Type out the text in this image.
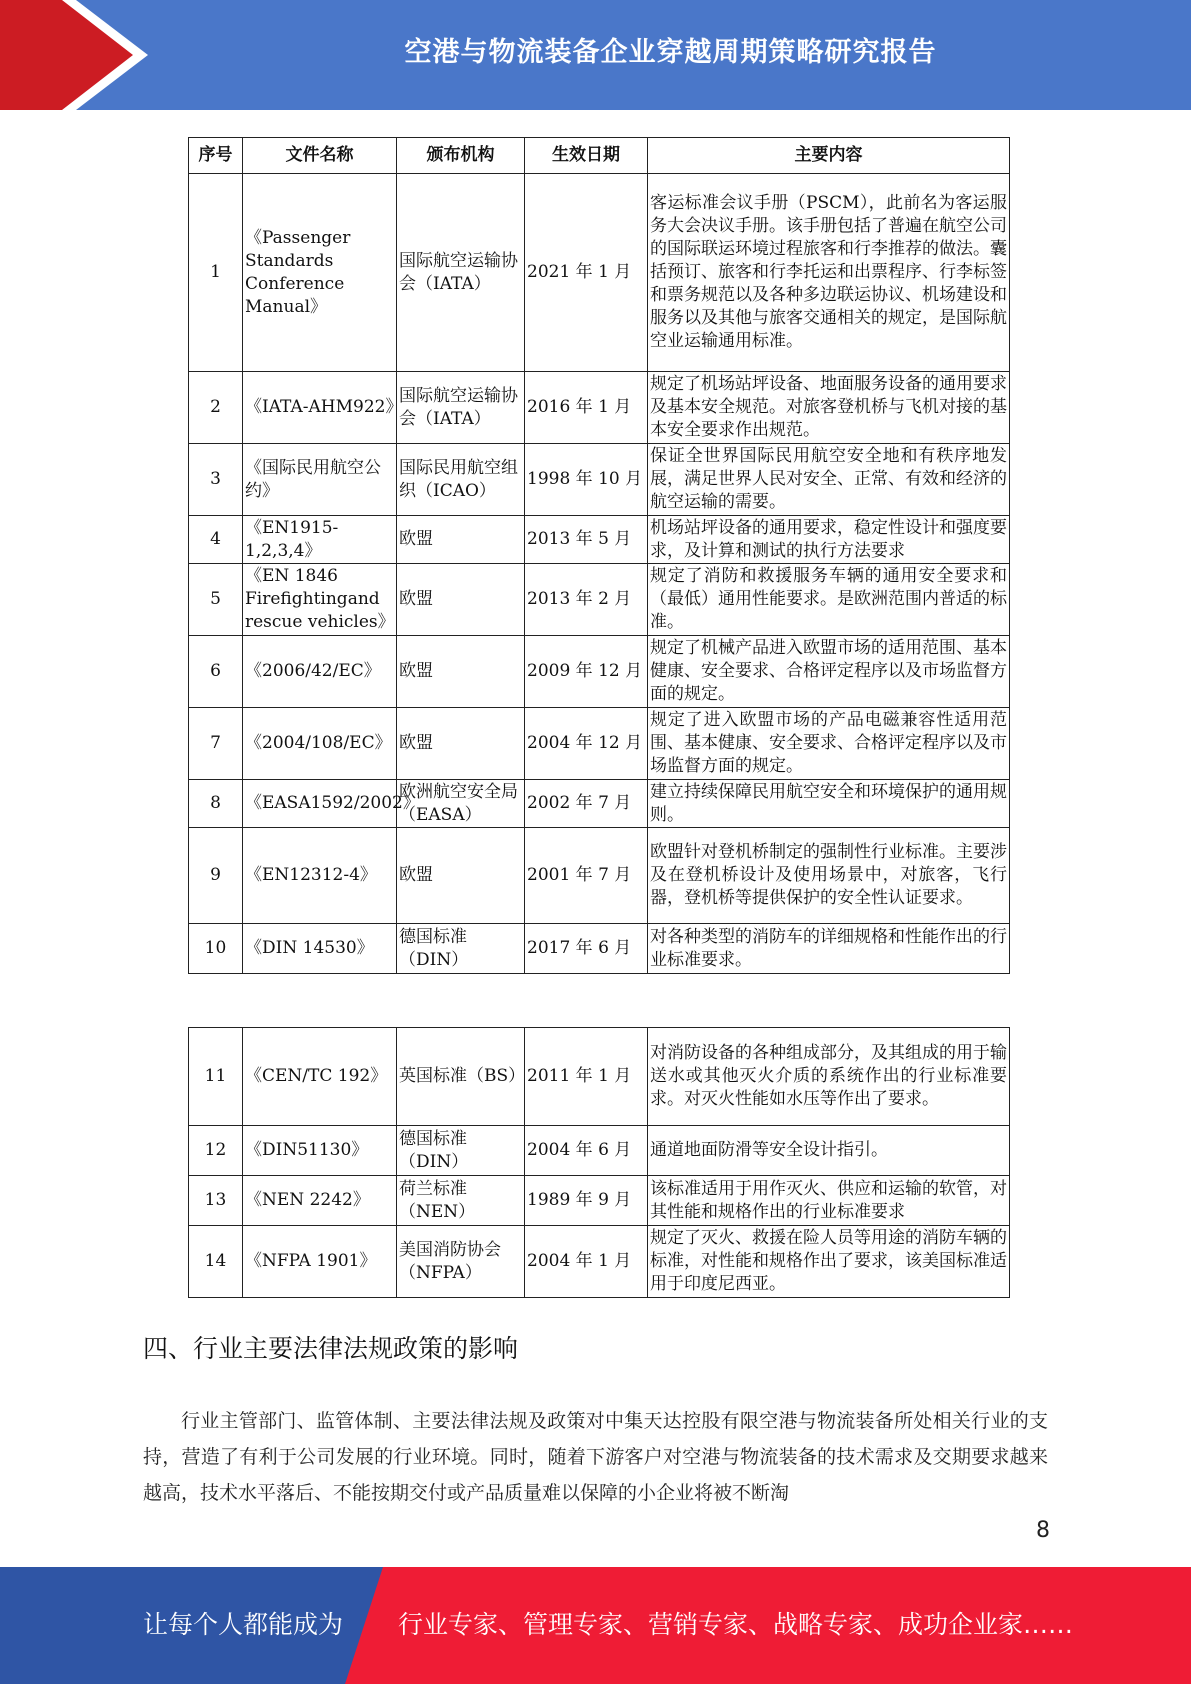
空港与物流装备企业穿越周期策略研究报告
序号	文件名称	颁布机构	生效日期	主要内容
1	《Passenger Standards Conference Manual》	国际航空运输协会（IATA）	2021 年 1 月	客运标准会议手册（PSCM），此前名为客运服务大会决议手册。该手册包括了普遍在航空公司的国际联运环境过程旅客和行李推荐的做法。囊括预订、旅客和行李托运和出票程序、行李标签和票务规范以及各种多边联运协议、机场建设和服务以及其他与旅客交通相关的规定，是国际航空业运输通用标准。
2	《IATA-AHM922》	国际航空运输协会（IATA）	2016 年 1 月	规定了机场站坪设备、地面服务设备的通用要求及基本安全规范。对旅客登机桥与飞机对接的基本安全要求作出规范。
3	《国际民用航空公约》	国际民用航空组织（ICAO）	1998 年 10 月	保证全世界国际民用航空安全地和有秩序地发展，满足世界人民对安全、正常、有效和经济的航空运输的需要。
4	《EN1915-1,2,3,4》	欧盟	2013 年 5 月	机场站坪设备的通用要求，稳定性设计和强度要求，及计算和测试的执行方法要求
5	《EN 1846 Firefightingand rescue vehicles》	欧盟	2013 年 2 月	规定了消防和救援服务车辆的通用安全要求和（最低）通用性能要求。是欧洲范围内普适的标准。
6	《2006/42/EC》	欧盟	2009 年 12 月	规定了机械产品进入欧盟市场的适用范围、基本健康、安全要求、合格评定程序以及市场监督方面的规定。
7	《2004/108/EC》	欧盟	2004 年 12 月	规定了进入欧盟市场的产品电磁兼容性适用范围、基本健康、安全要求、合格评定程序以及市场监督方面的规定。
8	《EASA1592/2002》	欧洲航空安全局（EASA）	2002 年 7 月	建立持续保障民用航空安全和环境保护的通用规则。
9	《EN12312-4》	欧盟	2001 年 7 月	欧盟针对登机桥制定的强制性行业标准。主要涉及在登机桥设计及使用场景中，对旅客，飞行器，登机桥等提供保护的安全性认证要求。
10	《DIN 14530》	德国标准（DIN）	2017 年 6 月	对各种类型的消防车的详细规格和性能作出的行业标准要求。
11	《CEN/TC 192》	英国标准（BS）	2011 年 1 月	对消防设备的各种组成部分，及其组成的用于输送水或其他灭火介质的系统作出的行业标准要求。对灭火性能如水压等作出了要求。
12	《DIN51130》	德国标准（DIN）	2004 年 6 月	通道地面防滑等安全设计指引。
13	《NEN 2242》	荷兰标准（NEN）	1989 年 9 月	该标准适用于用作灭火、供应和运输的软管，对其性能和规格作出的行业标准要求
14	《NFPA 1901》	美国消防协会（NFPA）	2004 年 1 月	规定了灭火、救援在险人员等用途的消防车辆的标准，对性能和规格作出了要求，该美国标准适用于印度尼西亚。
四、行业主要法律法规政策的影响
行业主管部门、监管体制、主要法律法规及政策对中集天达控股有限空港与物流装备所处相关行业的支持，营造了有利于公司发展的行业环境。同时，随着下游客户对空港与物流装备的技术需求及交期要求越来越高，技术水平落后、不能按期交付或产品质量难以保障的小企业将被不断淘
8
让每个人都能成为 行业专家、管理专家、营销专家、战略专家、成功企业家……
